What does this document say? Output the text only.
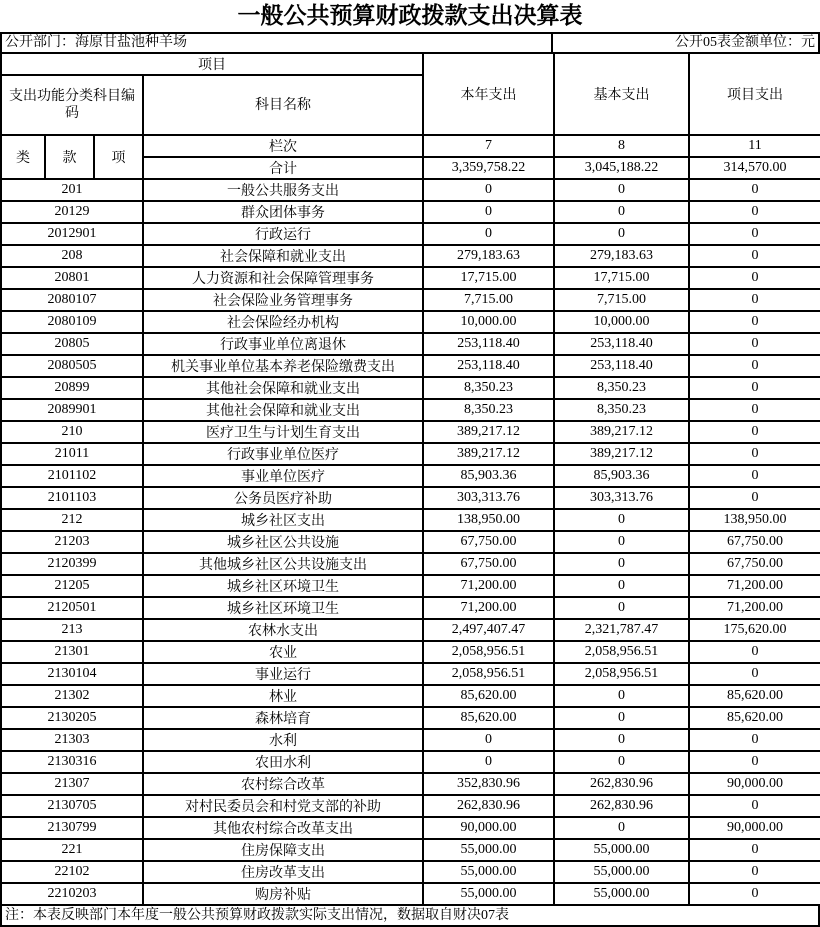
一般公共预算财政拨款支出决算表
公开部门：海原甘盐池种羊场	公开05表金额单位：元
项目				本年支出	基本支出	项目支出
支出功能分类科目编码			科目名称			
类	款	项	栏次	7	8	11
			合计	3,359,758.22	3,045,188.22	314,570.00
201			一般公共服务支出	0	0	0
20129			群众团体事务	0	0	0
2012901			行政运行	0	0	0
208			社会保障和就业支出	279,183.63	279,183.63	0
20801			人力资源和社会保障管理事务	17,715.00	17,715.00	0
2080107			社会保险业务管理事务	7,715.00	7,715.00	0
2080109			社会保险经办机构	10,000.00	10,000.00	0
20805			行政事业单位离退休	253,118.40	253,118.40	0
2080505			机关事业单位基本养老保险缴费支出	253,118.40	253,118.40	0
20899			其他社会保障和就业支出	8,350.23	8,350.23	0
2089901			其他社会保障和就业支出	8,350.23	8,350.23	0
210			医疗卫生与计划生育支出	389,217.12	389,217.12	0
21011			行政事业单位医疗	389,217.12	389,217.12	0
2101102			事业单位医疗	85,903.36	85,903.36	0
2101103			公务员医疗补助	303,313.76	303,313.76	0
212			城乡社区支出	138,950.00	0	138,950.00
21203			城乡社区公共设施	67,750.00	0	67,750.00
2120399			其他城乡社区公共设施支出	67,750.00	0	67,750.00
21205			城乡社区环境卫生	71,200.00	0	71,200.00
2120501			城乡社区环境卫生	71,200.00	0	71,200.00
213			农林水支出	2,497,407.47	2,321,787.47	175,620.00
21301			农业	2,058,956.51	2,058,956.51	0
2130104			事业运行	2,058,956.51	2,058,956.51	0
21302			林业	85,620.00	0	85,620.00
2130205			森林培育	85,620.00	0	85,620.00
21303			水利	0	0	0
2130316			农田水利	0	0	0
21307			农村综合改革	352,830.96	262,830.96	90,000.00
2130705			对村民委员会和村党支部的补助	262,830.96	262,830.96	0
2130799			其他农村综合改革支出	90,000.00	0	90,000.00
221			住房保障支出	55,000.00	55,000.00	0
22102			住房改革支出	55,000.00	55,000.00	0
2210203			购房补贴	55,000.00	55,000.00	0
注：本表反映部门本年度一般公共预算财政拨款实际支出情况，数据取自财决07表
